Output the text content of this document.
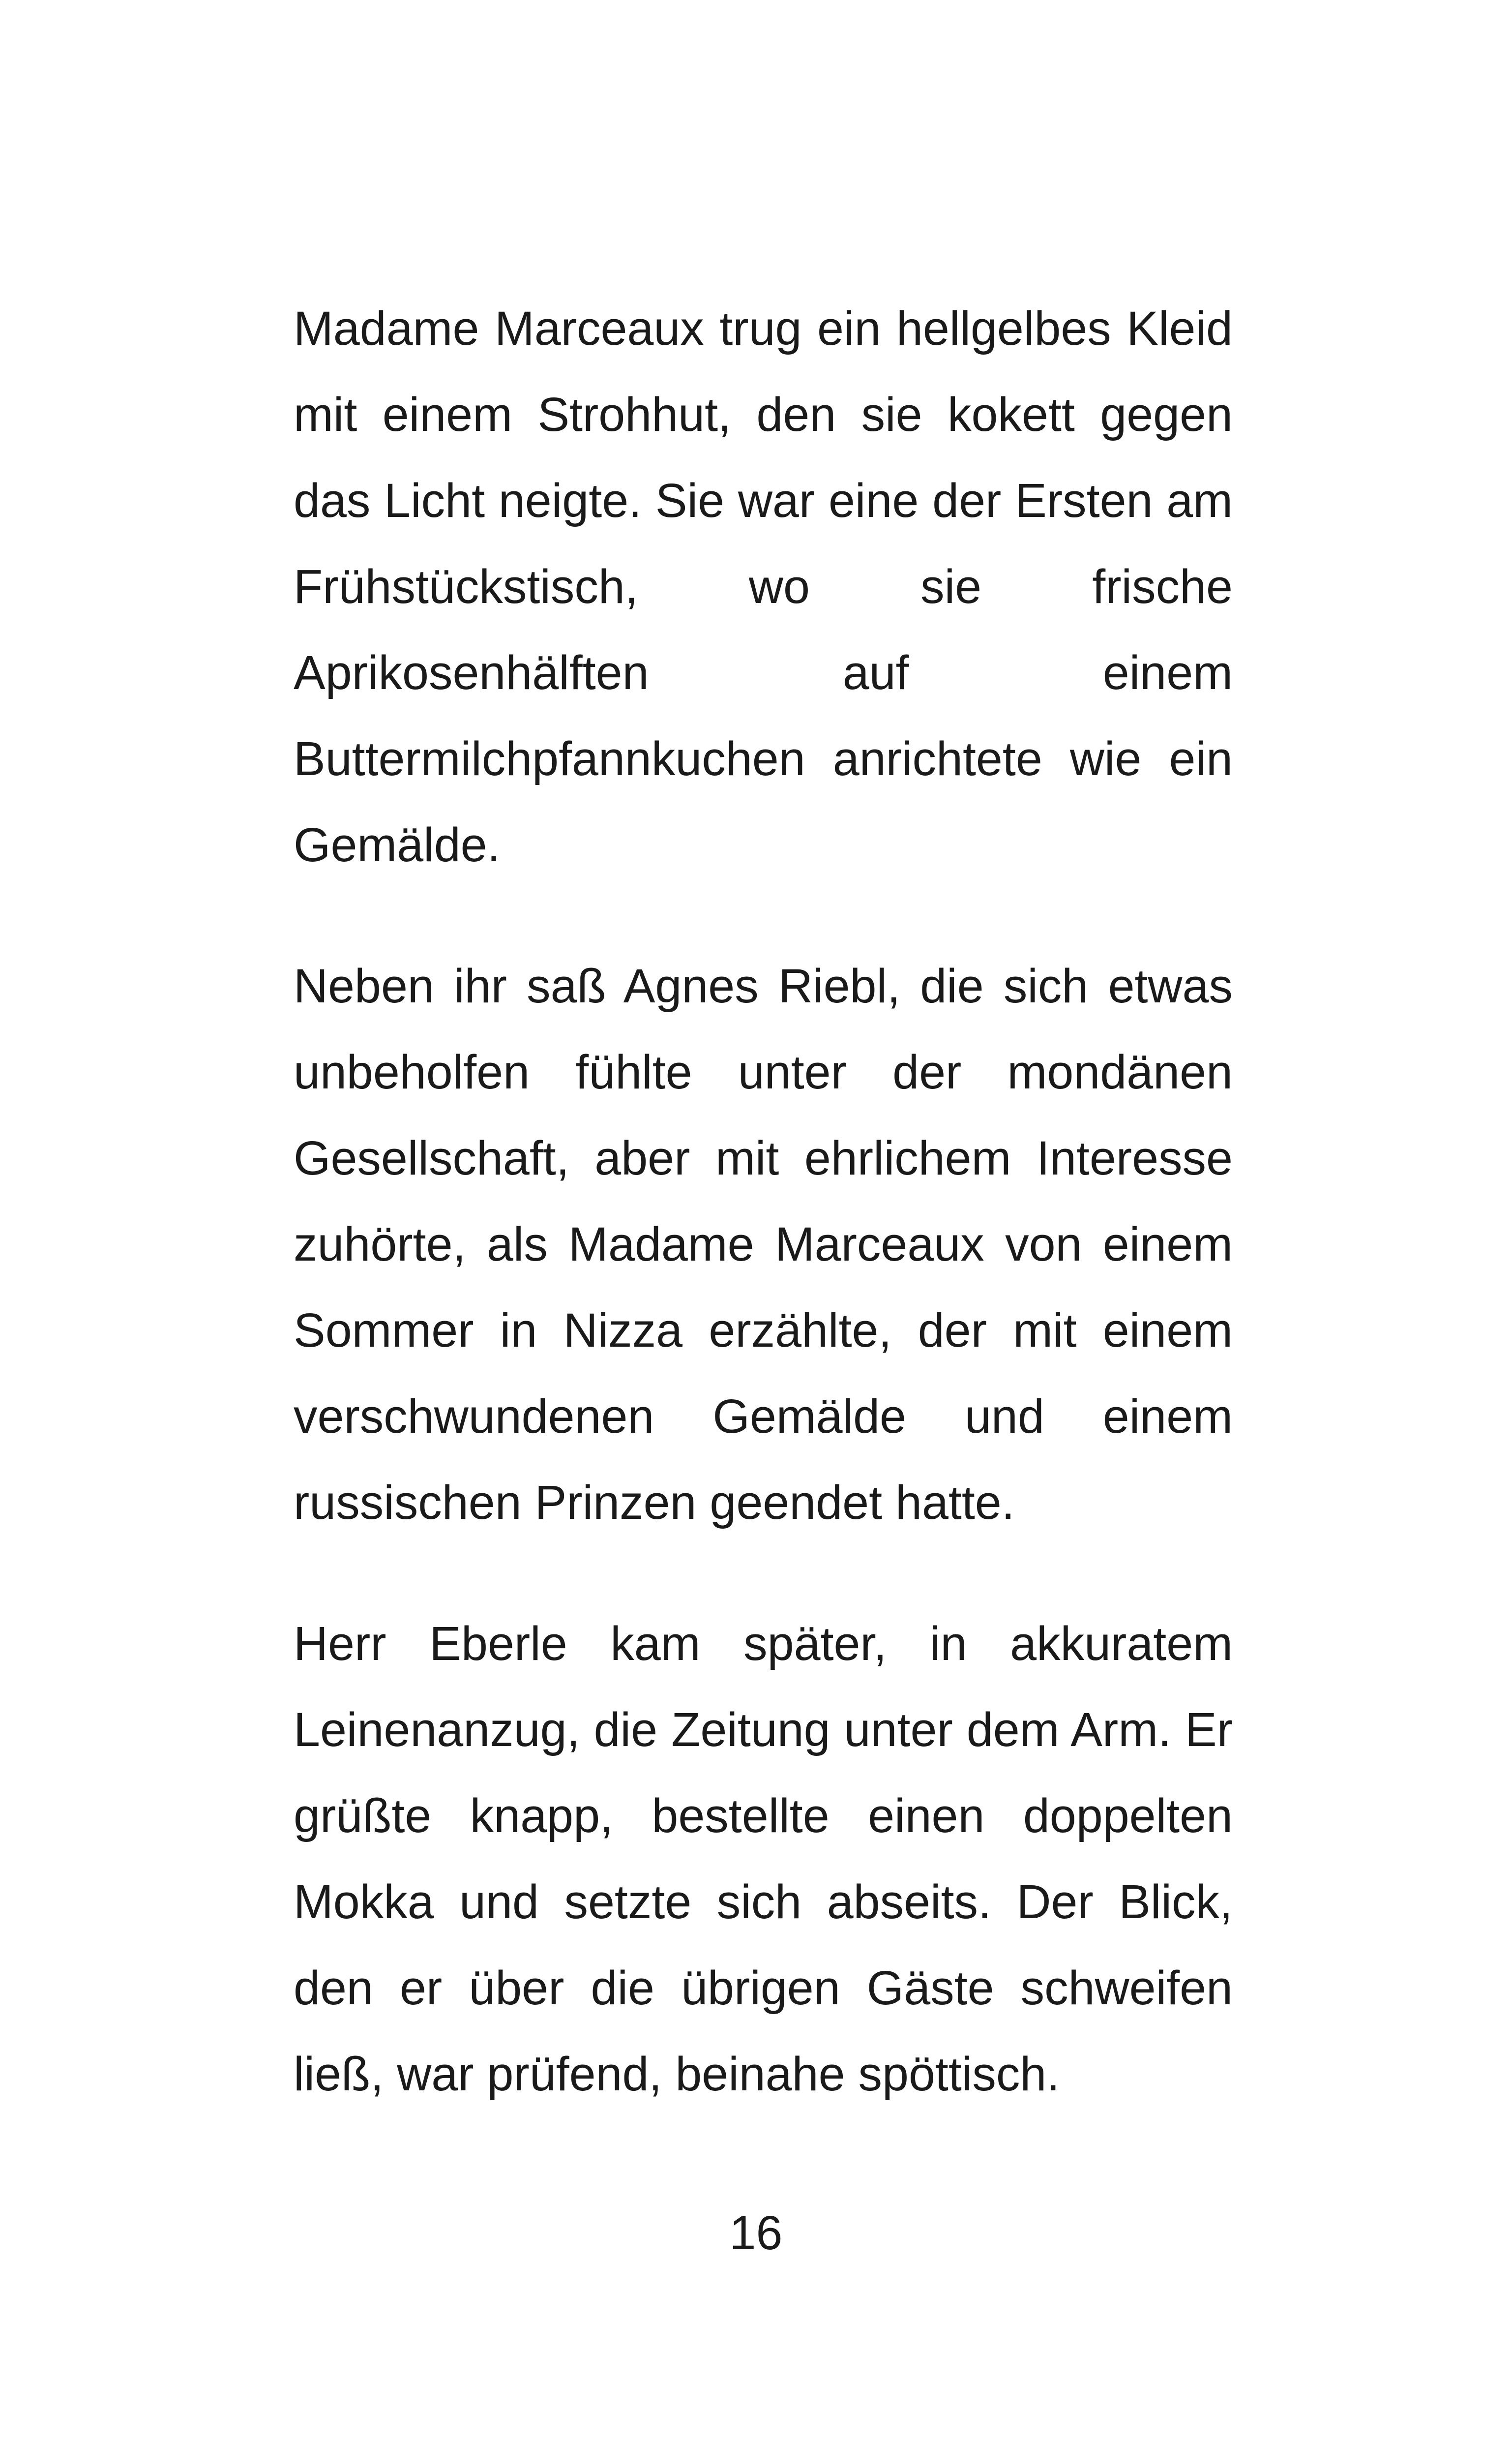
Madame Marceaux trug ein hellgelbes Kleid mit einem Strohhut, den sie kokett gegen das Licht neigte. Sie war eine der Ersten am Frühstückstisch, wo sie frische Aprikosenhälften auf einem Buttermilchpfannkuchen anrichtete wie ein Gemälde.

Neben ihr saß Agnes Riebl, die sich etwas unbeholfen fühlte unter der mondänen Gesellschaft, aber mit ehrlichem Interesse zuhörte, als Madame Marceaux von einem Sommer in Nizza erzählte, der mit einem verschwundenen Gemälde und einem russischen Prinzen geendet hatte.

Herr Eberle kam später, in akkuratem Leinenanzug, die Zeitung unter dem Arm. Er grüßte knapp, bestellte einen doppelten Mokka und setzte sich abseits. Der Blick, den er über die übrigen Gäste schweifen ließ, war prüfend, beinahe spöttisch.

16
